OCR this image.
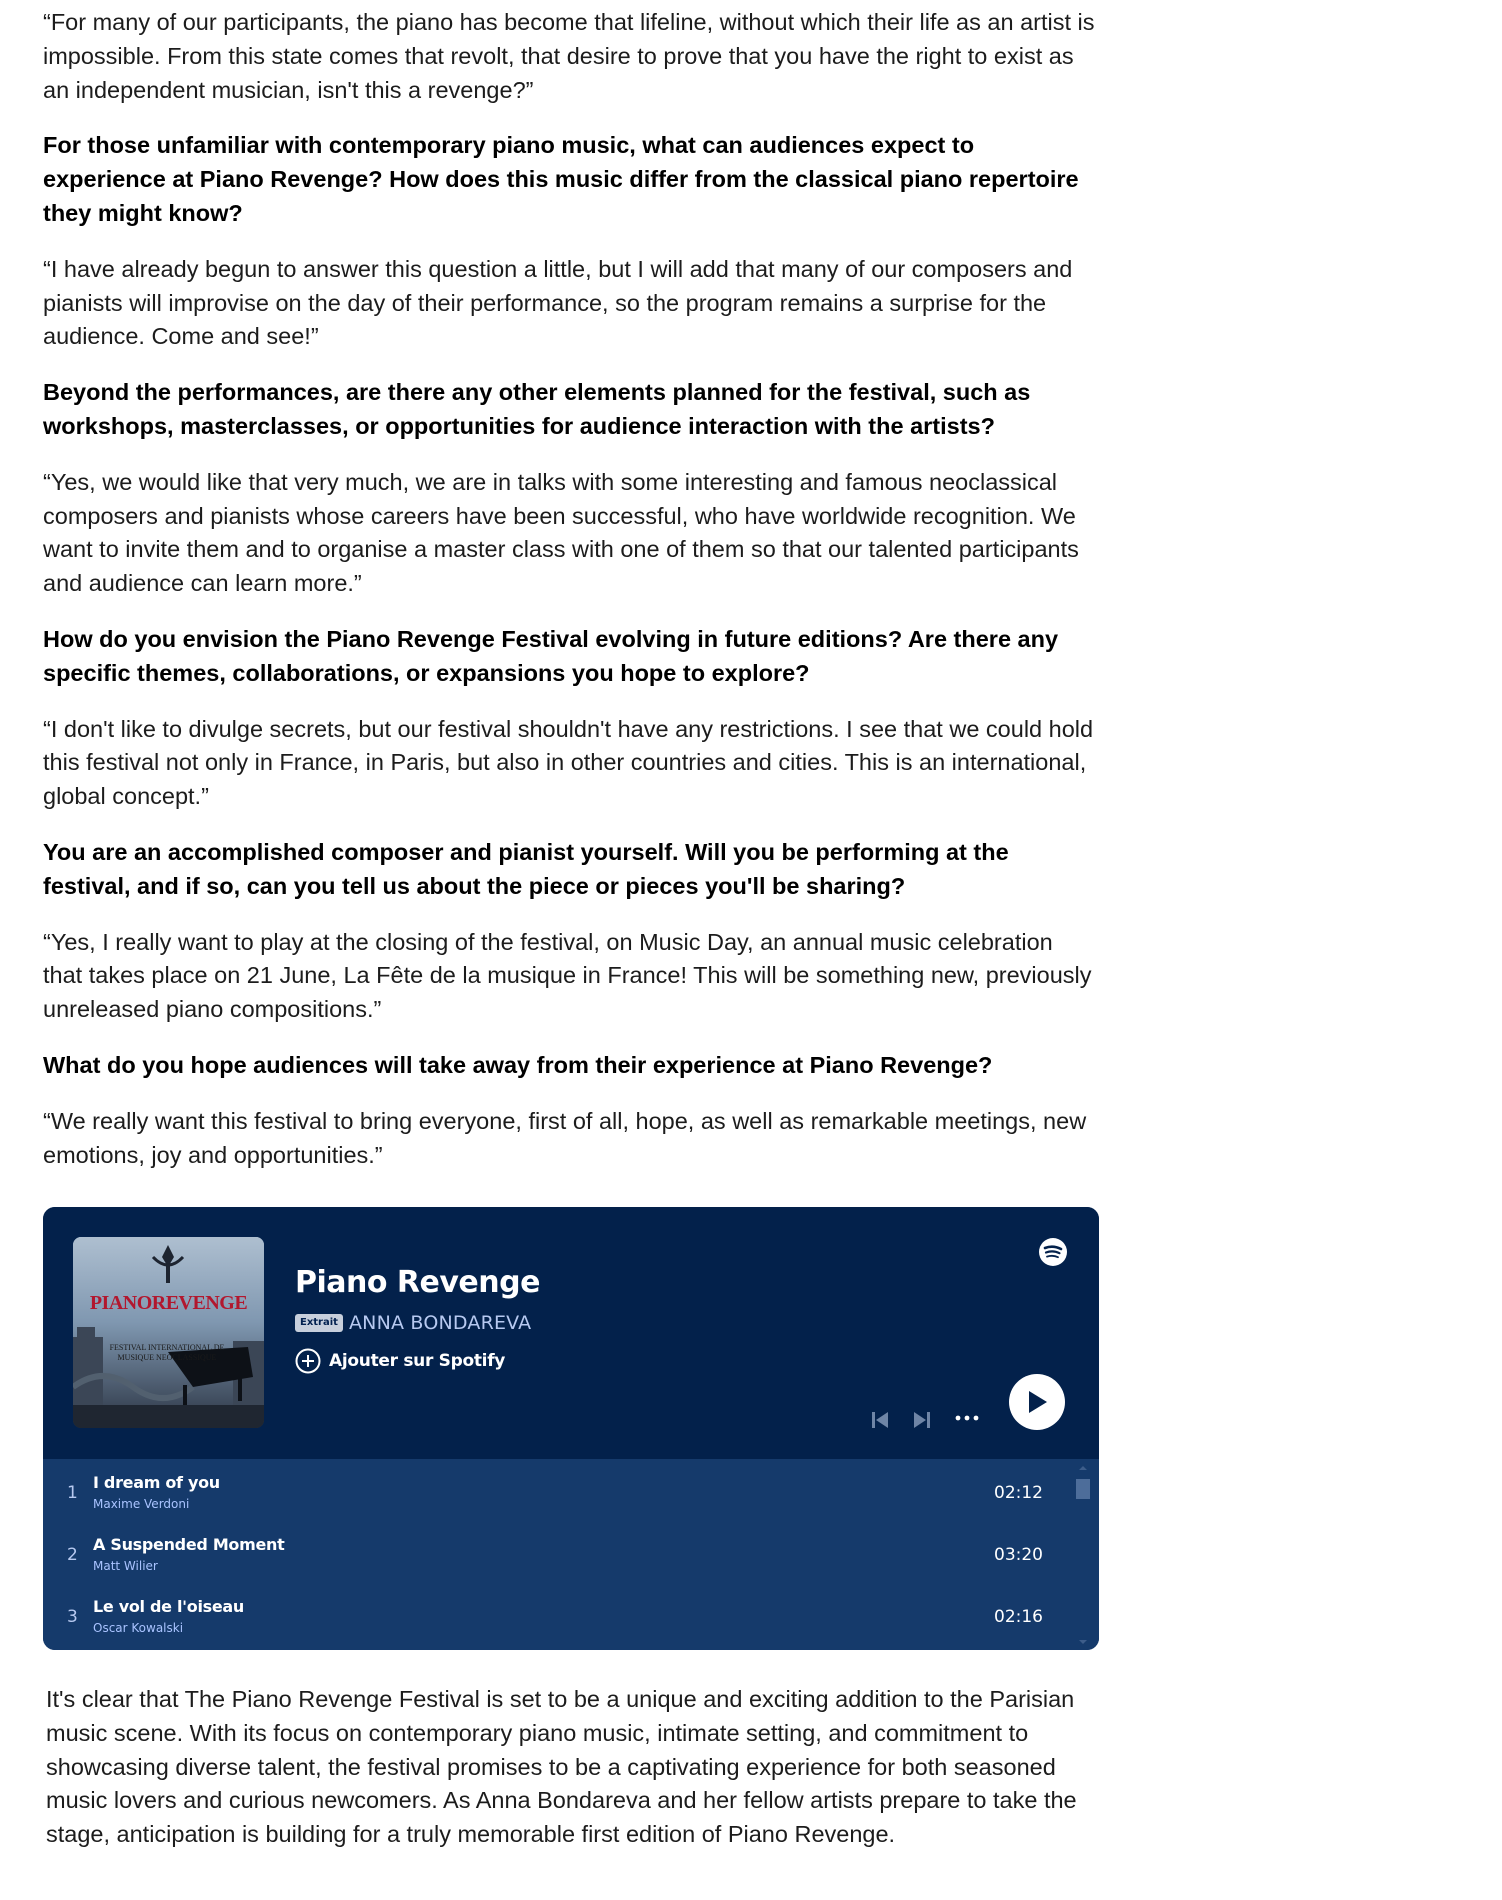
“For many of our participants, the piano has become that lifeline, without which their life as an artist is impossible. From this state comes that revolt, that desire to prove that you have the right to exist as an independent musician, isn't this a revenge?”

For those unfamiliar with contemporary piano music, what can audiences expect to experience at Piano Revenge? How does this music differ from the classical piano repertoire they might know?

“I have already begun to answer this question a little, but I will add that many of our composers and pianists will improvise on the day of their performance, so the program remains a surprise for the audience. Come and see!”

Beyond the performances, are there any other elements planned for the festival, such as workshops, masterclasses, or opportunities for audience interaction with the artists?

“Yes, we would like that very much, we are in talks with some interesting and famous neoclassical composers and pianists whose careers have been successful, who have worldwide recognition. We want to invite them and to organise a master class with one of them so that our talented participants and audience can learn more.”

How do you envision the Piano Revenge Festival evolving in future editions? Are there any specific themes, collaborations, or expansions you hope to explore?

“I don't like to divulge secrets, but our festival shouldn't have any restrictions. I see that we could hold this festival not only in France, in Paris, but also in other countries and cities. This is an international, global concept.”

You are an accomplished composer and pianist yourself. Will you be performing at the festival, and if so, can you tell us about the piece or pieces you'll be sharing?

“Yes, I really want to play at the closing of the festival, on Music Day, an annual music celebration that takes place on 21 June, La Fête de la musique in France! This will be something new, previously unreleased piano compositions.”

What do you hope audiences will take away from their experience at Piano Revenge?

“We really want this festival to bring everyone, first of all, hope, as well as remarkable meetings, new emotions, joy and opportunities.”

PIANOREVENGE
FESTIVAL INTERNATIONAL DE MUSIQUE NEOCLASSIQUE
Piano Revenge
Extrait ANNA BONDAREVA
Ajouter sur Spotify
1
I dream of you
Maxime Verdoni
02:12
2
A Suspended Moment
Matt Wilier
03:20
3
Le vol de l'oiseau
Oscar Kowalski
02:16

It's clear that The Piano Revenge Festival is set to be a unique and exciting addition to the Parisian music scene. With its focus on contemporary piano music, intimate setting, and commitment to showcasing diverse talent, the festival promises to be a captivating experience for both seasoned music lovers and curious newcomers. As Anna Bondareva and her fellow artists prepare to take the stage, anticipation is building for a truly memorable first edition of Piano Revenge.
